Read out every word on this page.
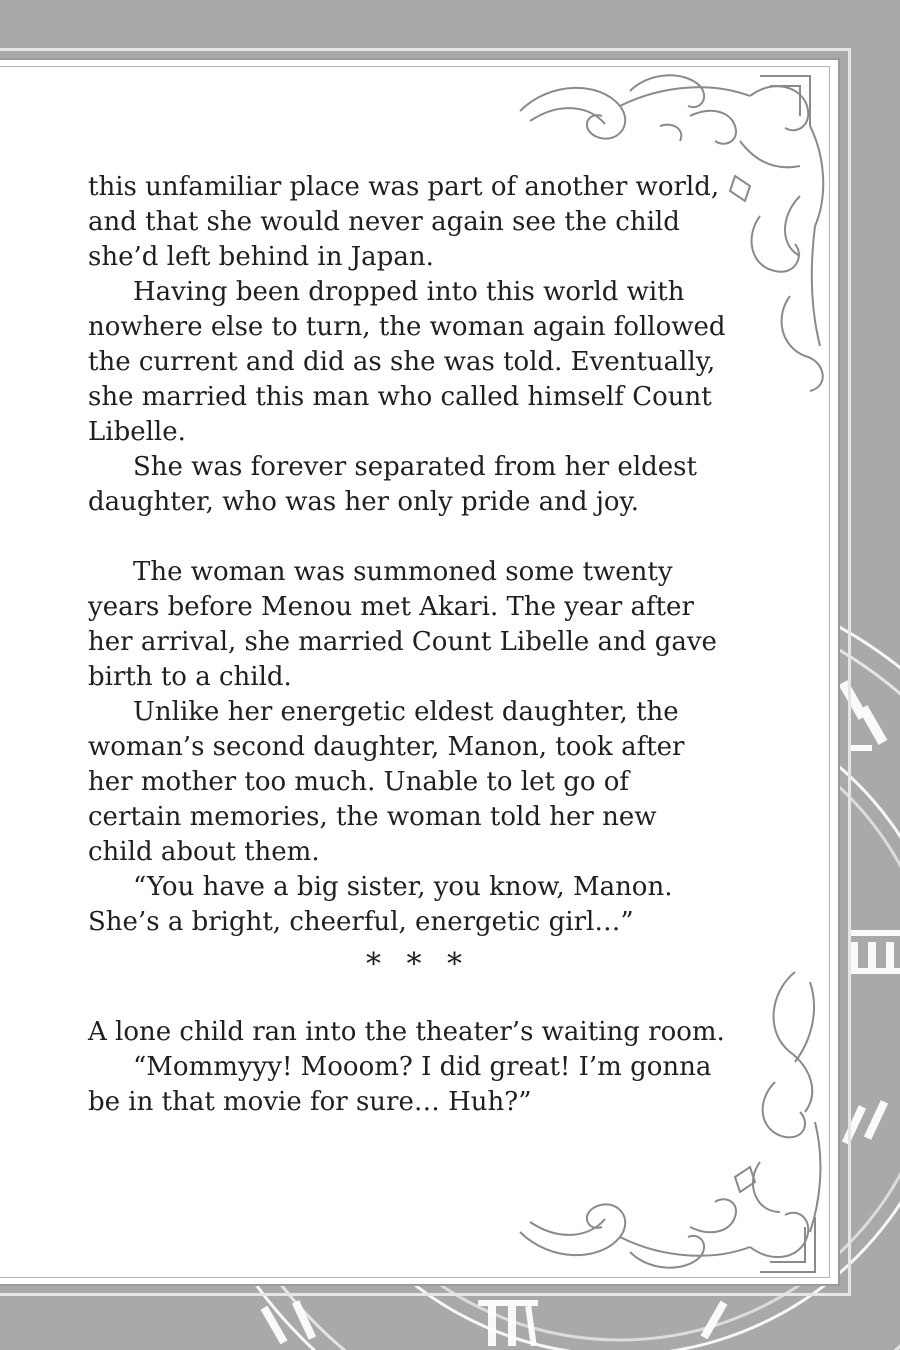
this unfamiliar place was part of another world, and that she would never again see the child she’d left behind in Japan.

Having been dropped into this world with nowhere else to turn, the woman again followed the current and did as she was told. Eventually, she married this man who called himself Count Libelle.

She was forever separated from her eldest daughter, who was her only pride and joy.

The woman was summoned some twenty years before Menou met Akari. The year after her arrival, she married Count Libelle and gave birth to a child.

Unlike her energetic eldest daughter, the woman’s second daughter, Manon, took after her mother too much. Unable to let go of certain memories, the woman told her new child about them.

“You have a big sister, you know, Manon. She’s a bright, cheerful, energetic girl…”

* * *

A lone child ran into the theater’s waiting room.

“Mommyyy! Mooom? I did great! I’m gonna be in that movie for sure… Huh?”
